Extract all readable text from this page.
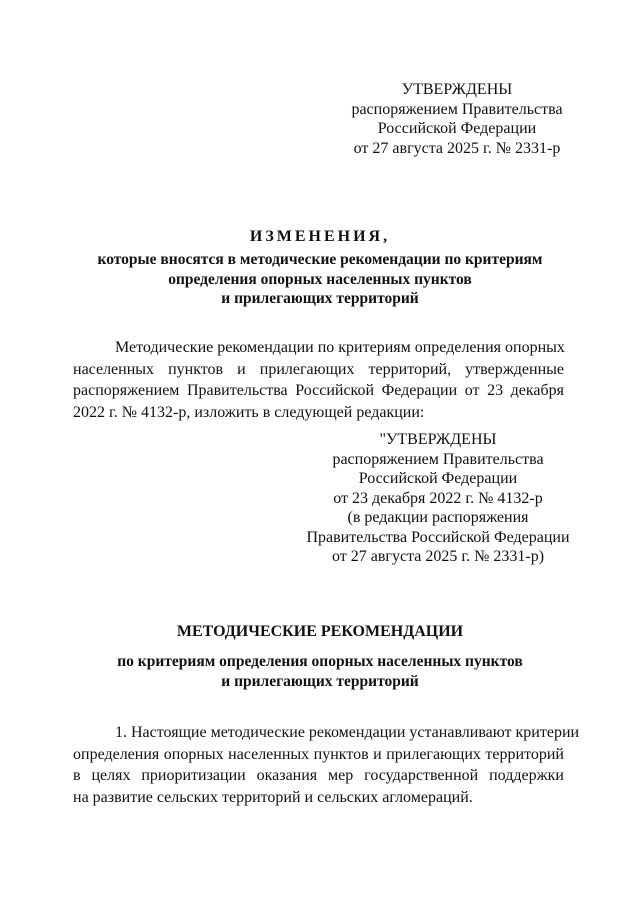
УТВЕРЖДЕНЫ
распоряжением Правительства
Российской Федерации
от 27 августа 2025 г. № 2331-р
ИЗМЕНЕНИЯ,
которые вносятся в методические рекомендации по критериям
определения опорных населенных пунктов
и прилегающих территорий
Методические рекомендации по критериям определения опорных
населенных пунктов и прилегающих территорий, утвержденные
распоряжением Правительства Российской Федерации от 23 декабря
2022 г. № 4132-р, изложить в следующей редакции:
"УТВЕРЖДЕНЫ
распоряжением Правительства
Российской Федерации
от 23 декабря 2022 г. № 4132-р
(в редакции распоряжения
Правительства Российской Федерации
от 27 августа 2025 г. № 2331-р)
МЕТОДИЧЕСКИЕ РЕКОМЕНДАЦИИ
по критериям определения опорных населенных пунктов
и прилегающих территорий
1. Настоящие методические рекомендации устанавливают критерии
определения опорных населенных пунктов и прилегающих территорий
в целях приоритизации оказания мер государственной поддержки
на развитие сельских территорий и сельских агломераций.
